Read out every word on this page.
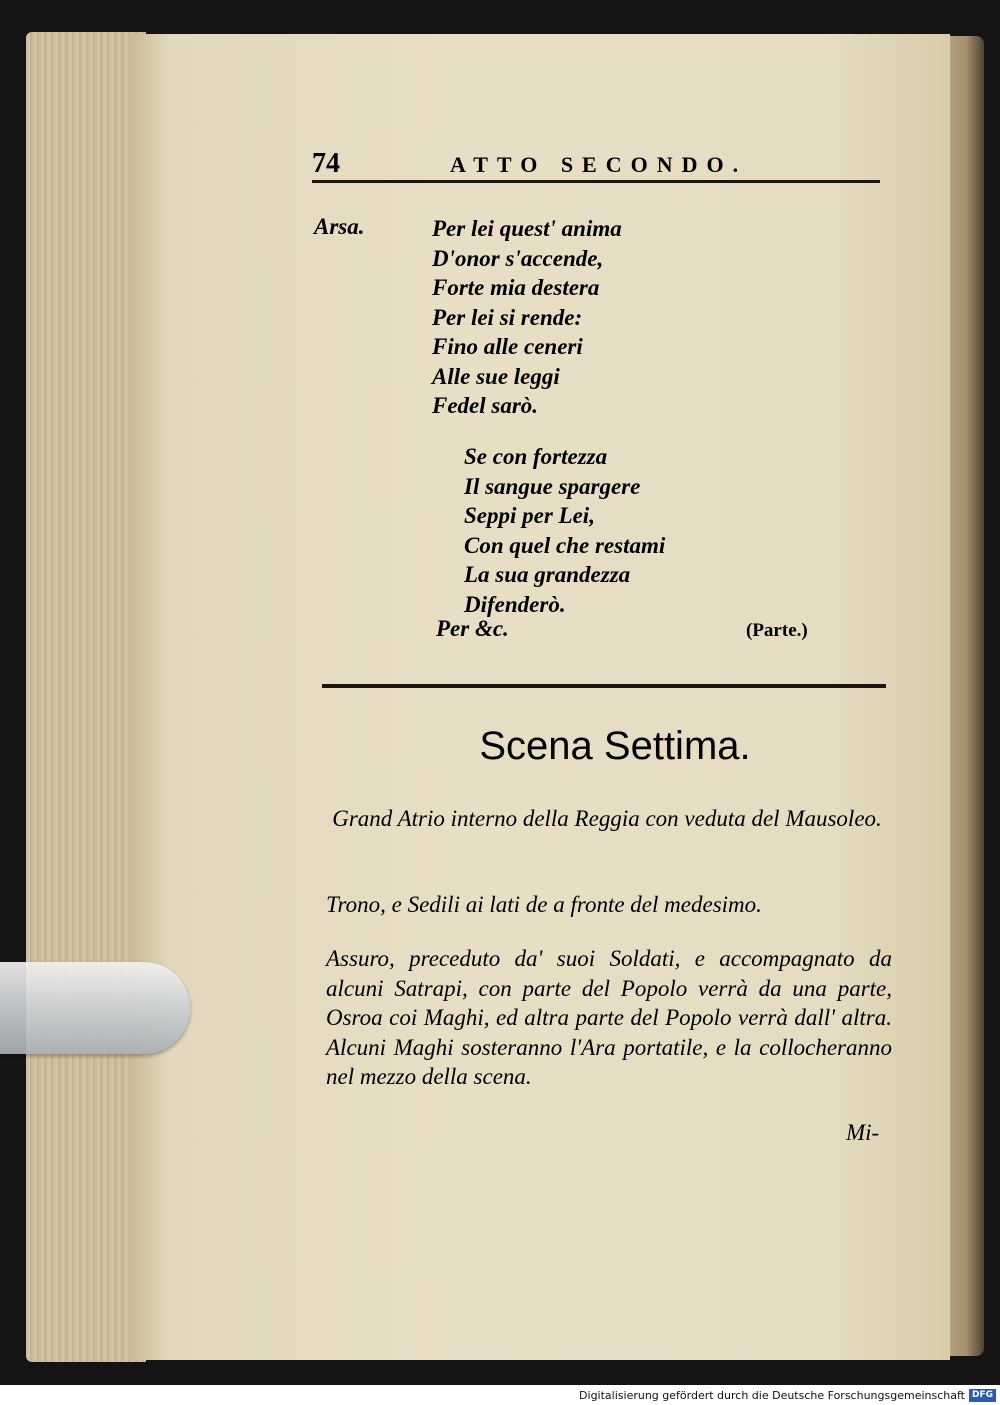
74	ATTO SECONDO.
Arsa.	Per lei quest' anima
D'onor s'accende,
Forte mia destera
Per lei si rende:
Fino alle ceneri
Alle sue leggi
Fedel sarò.
Se con fortezza
Il sangue spargere
Seppi per Lei,
Con quel che restami
La sua grandezza
Difenderò.
Per &c.	(Parte.)
Scena Settima.
Grand Atrio interno della Reggia con veduta del Mausoleo.
Trono, e Sedili ai lati de a fronte del medesimo.
Assuro, preceduto da' suoi Soldati, e accompagnato da alcuni Satrapi, con parte del Popolo verrà da una parte, Osroa coi Maghi, ed altra parte del Popolo verrà dall' altra. Alcuni Maghi sosteranno l'Ara portatile, e la collocheranno nel mezzo della scena.
Mi-
Digitalisierung gefördert durch die Deutsche Forschungsgemeinschaft DFG
